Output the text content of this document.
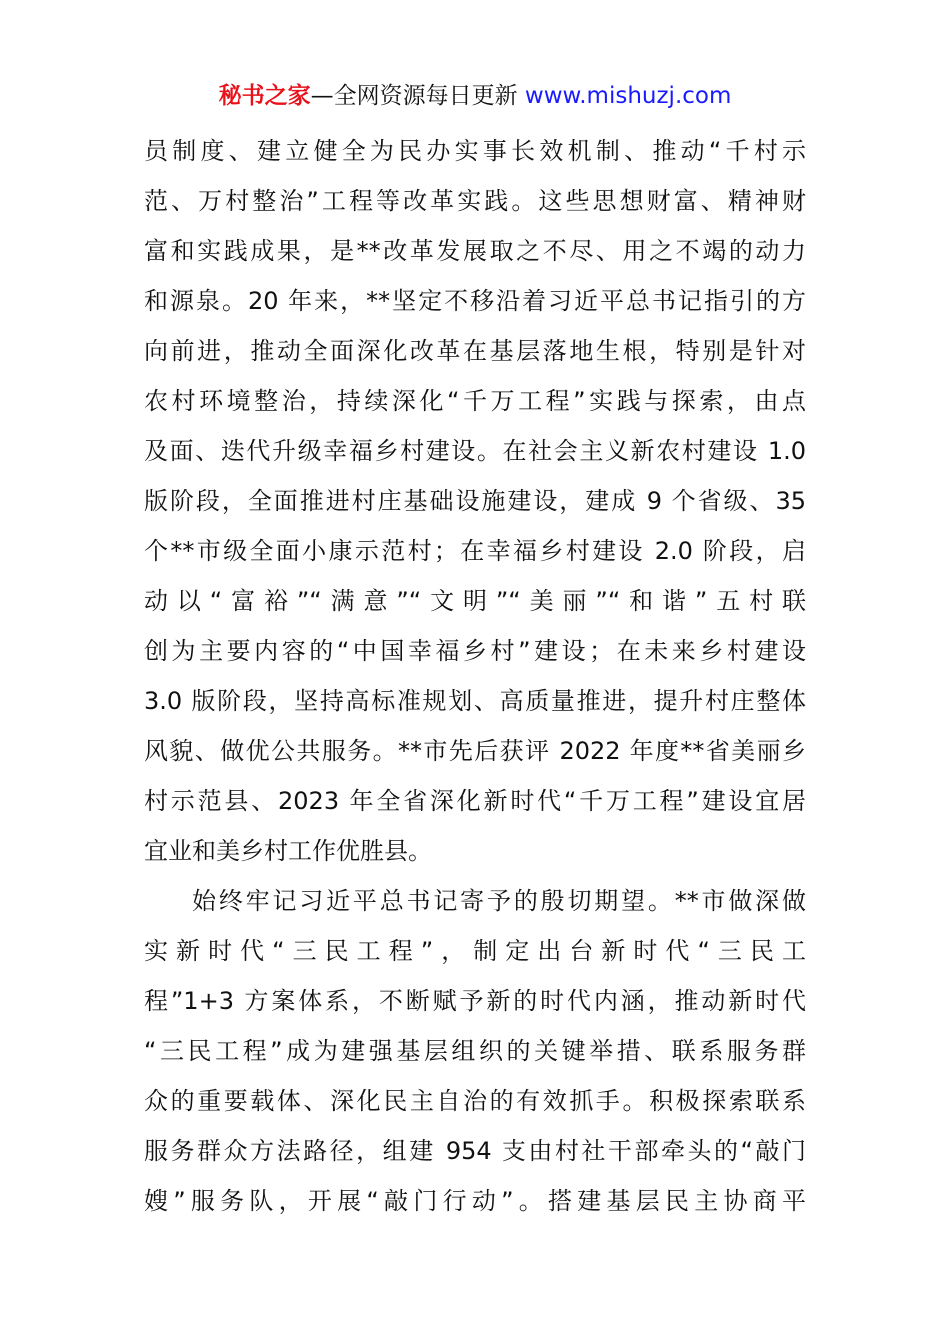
秘书之家—全网资源每日更新 www.mishuzj.com
员制度、建立健全为民办实事长效机制、推动“千村示
范、万村整治”工程等改革实践。这些思想财富、精神财
富和实践成果，是**改革发展取之不尽、用之不竭的动力
和源泉。20 年来，**坚定不移沿着习近平总书记指引的方
向前进，推动全面深化改革在基层落地生根，特别是针对
农村环境整治，持续深化“千万工程”实践与探索，由点
及面、迭代升级幸福乡村建设。在社会主义新农村建设 1.0
版阶段，全面推进村庄基础设施建设，建成 9 个省级、35
个**市级全面小康示范村；在幸福乡村建设 2.0 阶段，启
动以“富裕”“满意”“文明”“美丽”“和谐”五村联
创为主要内容的“中国幸福乡村”建设；在未来乡村建设
3.0 版阶段，坚持高标准规划、高质量推进，提升村庄整体
风貌、做优公共服务。**市先后获评 2022 年度**省美丽乡
村示范县、2023 年全省深化新时代“千万工程”建设宜居
宜业和美乡村工作优胜县。
始终牢记习近平总书记寄予的殷切期望。**市做深做
实新时代“三民工程”，制定出台新时代“三民工
程”1+3 方案体系，不断赋予新的时代内涵，推动新时代
“三民工程”成为建强基层组织的关键举措、联系服务群
众的重要载体、深化民主自治的有效抓手。积极探索联系
服务群众方法路径，组建 954 支由村社干部牵头的“敲门
嫂”服务队，开展“敲门行动”。搭建基层民主协商平
